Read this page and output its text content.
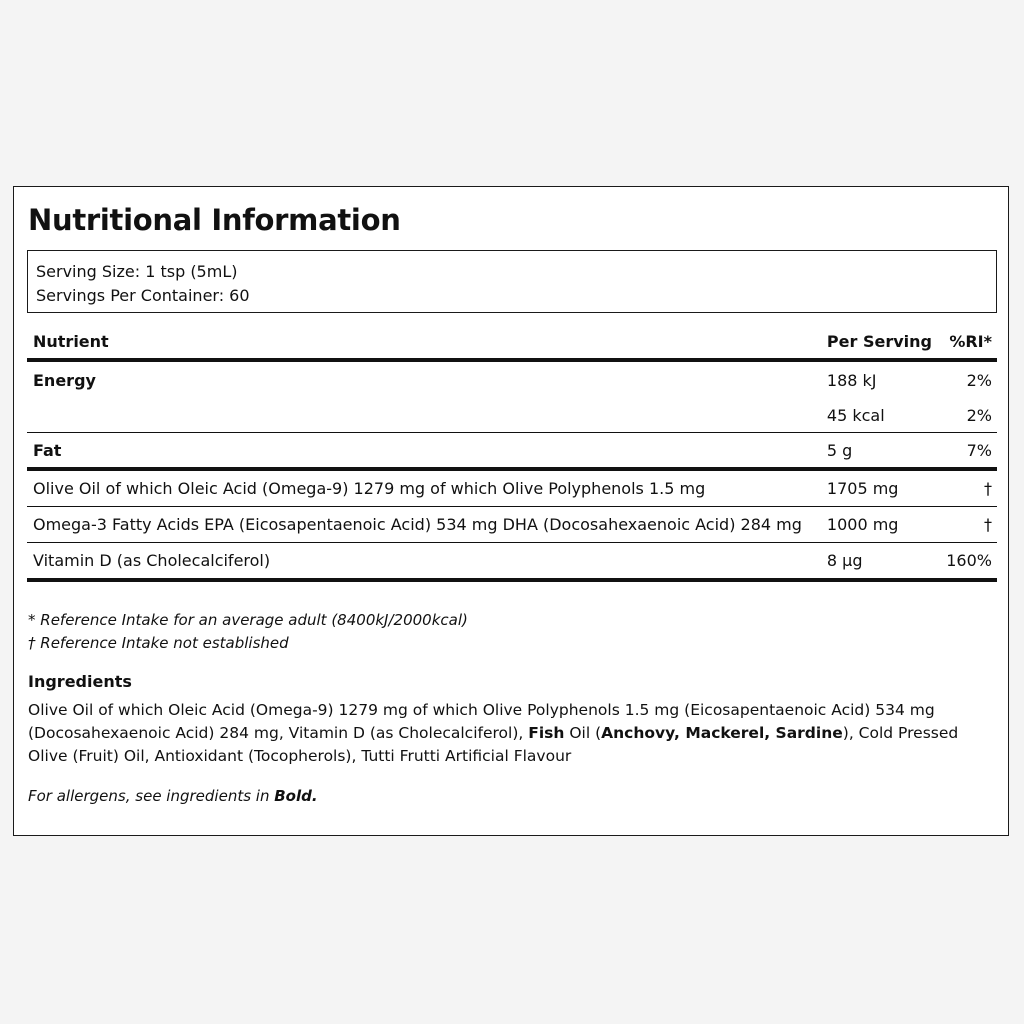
Nutritional Information
Serving Size: 1 tsp (5mL)
Servings Per Container: 60
Nutrient	Per Serving	%RI*
Energy	188 kJ	2%
	45 kcal	2%
Fat	5 g	7%
Olive Oil of which Oleic Acid (Omega-9) 1279 mg of which Olive Polyphenols 1.5 mg	1705 mg	†
Omega-3 Fatty Acids EPA (Eicosapentaenoic Acid) 534 mg DHA (Docosahexaenoic Acid) 284 mg	1000 mg	†
Vitamin D (as Cholecalciferol)	8 µg	160%
* Reference Intake for an average adult (8400kJ/2000kcal)
† Reference Intake not established
Ingredients
Olive Oil of which Oleic Acid (Omega-9) 1279 mg of which Olive Polyphenols 1.5 mg (Eicosapentaenoic Acid) 534 mg (Docosahexaenoic Acid) 284 mg, Vitamin D (as Cholecalciferol), Fish Oil (Anchovy, Mackerel, Sardine), Cold Pressed Olive (Fruit) Oil, Antioxidant (Tocopherols), Tutti Frutti Artificial Flavour
For allergens, see ingredients in Bold.
